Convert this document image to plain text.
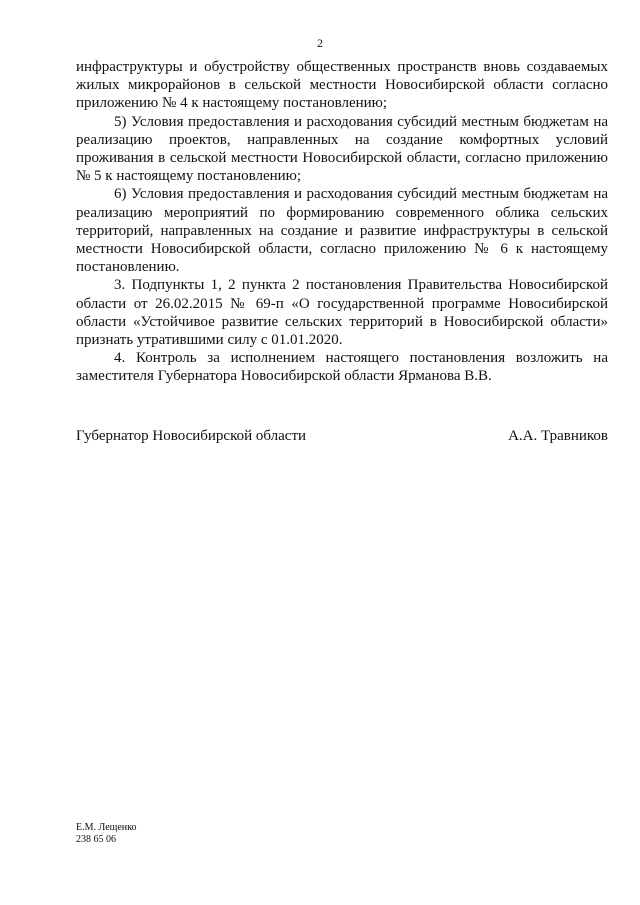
2

инфраструктуры и обустройству общественных пространств вновь создаваемых жилых микрорайонов в сельской местности Новосибирской области согласно приложению № 4 к настоящему постановлению;

5) Условия предоставления и расходования субсидий местным бюджетам на реализацию проектов, направленных на создание комфортных условий проживания в сельской местности Новосибирской области, согласно приложению № 5 к настоящему постановлению;

6) Условия предоставления и расходования субсидий местным бюджетам на реализацию мероприятий по формированию современного облика сельских территорий, направленных на создание и развитие инфраструктуры в сельской местности Новосибирской области, согласно приложению № 6 к настоящему постановлению.

3. Подпункты 1, 2 пункта 2 постановления Правительства Новосибирской области от 26.02.2015 № 69-п «О государственной программе Новосибирской области «Устойчивое развитие сельских территорий в Новосибирской области» признать утратившими силу с 01.01.2020.

4. Контроль за исполнением настоящего постановления возложить на заместителя Губернатора Новосибирской области Ярманова В.В.

Губернатор Новосибирской области	А.А. Травников
Е.М. Лещенко
238 65 06
